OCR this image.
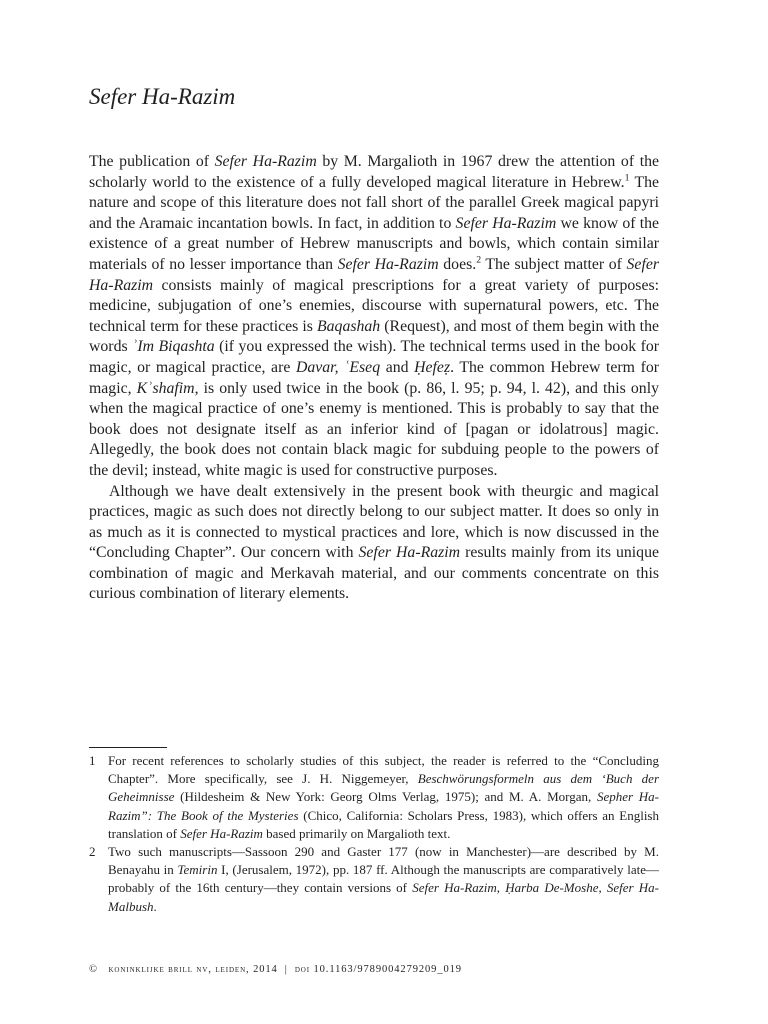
Sefer Ha-Razim

The publication of Sefer Ha-Razim by M. Margalioth in 1967 drew the attention of the scholarly world to the existence of a fully developed magical literature in Hebrew.$^1$ The nature and scope of this literature does not fall short of the parallel Greek magical papyri and the Aramaic incantation bowls. In fact, in addition to Sefer Ha-Razim we know of the existence of a great number of Hebrew manuscripts and bowls, which contain similar materials of no lesser importance than Sefer Ha-Razim does.$^2$ The subject matter of Sefer Ha-Razim consists mainly of magical prescriptions for a great variety of purposes: medicine, subjugation of one’s enemies, discourse with supernatural powers, etc. The technical term for these practices is Baqashah (Request), and most of them begin with the words ʾIm Biqashta (if you expressed the wish). The technical terms used in the book for magic, or magical practice, are Davar, ʿEseq and Ḥefeẓ. The common Hebrew term for magic, Kʾshafim, is only used twice in the book (p. 86, l. 95; p. 94, l. 42), and this only when the magical practice of one’s enemy is mentioned. This is probably to say that the book does not designate itself as an inferior kind of [pagan or idolatrous] magic. Allegedly, the book does not contain black magic for subduing people to the powers of the devil; instead, white magic is used for constructive purposes.

Although we have dealt extensively in the present book with theurgic and magical practices, magic as such does not directly belong to our subject matter. It does so only in as much as it is connected to mystical practices and lore, which is now discussed in the “Concluding Chapter”. Our concern with Sefer Ha-Razim results mainly from its unique combination of magic and Merkavah material, and our comments concentrate on this curious combination of literary elements.

1 For recent references to scholarly studies of this subject, the reader is referred to the “Concluding Chapter”. More specifically, see J. H. Niggemeyer, Beschwörungsformeln aus dem ‘Buch der Geheimnisse (Hildesheim & New York: Georg Olms Verlag, 1975); and M. A. Morgan, Sepher Ha-Razim”: The Book of the Mysteries (Chico, California: Scholars Press, 1983), which offers an English translation of Sefer Ha-Razim based primarily on Margalioth text.
2 Two such manuscripts—Sassoon 290 and Gaster 177 (now in Manchester)—are described by M. Benayahu in Temirin I, (Jerusalem, 1972), pp. 187 ff. Although the manuscripts are comparatively late—probably of the 16th century—they contain versions of Sefer Ha-Razim, Ḥarba De-Moshe, Sefer Ha-Malbush.
© koninklijke brill nv, leiden, 2014 | doi 10.1163/9789004279209_019
